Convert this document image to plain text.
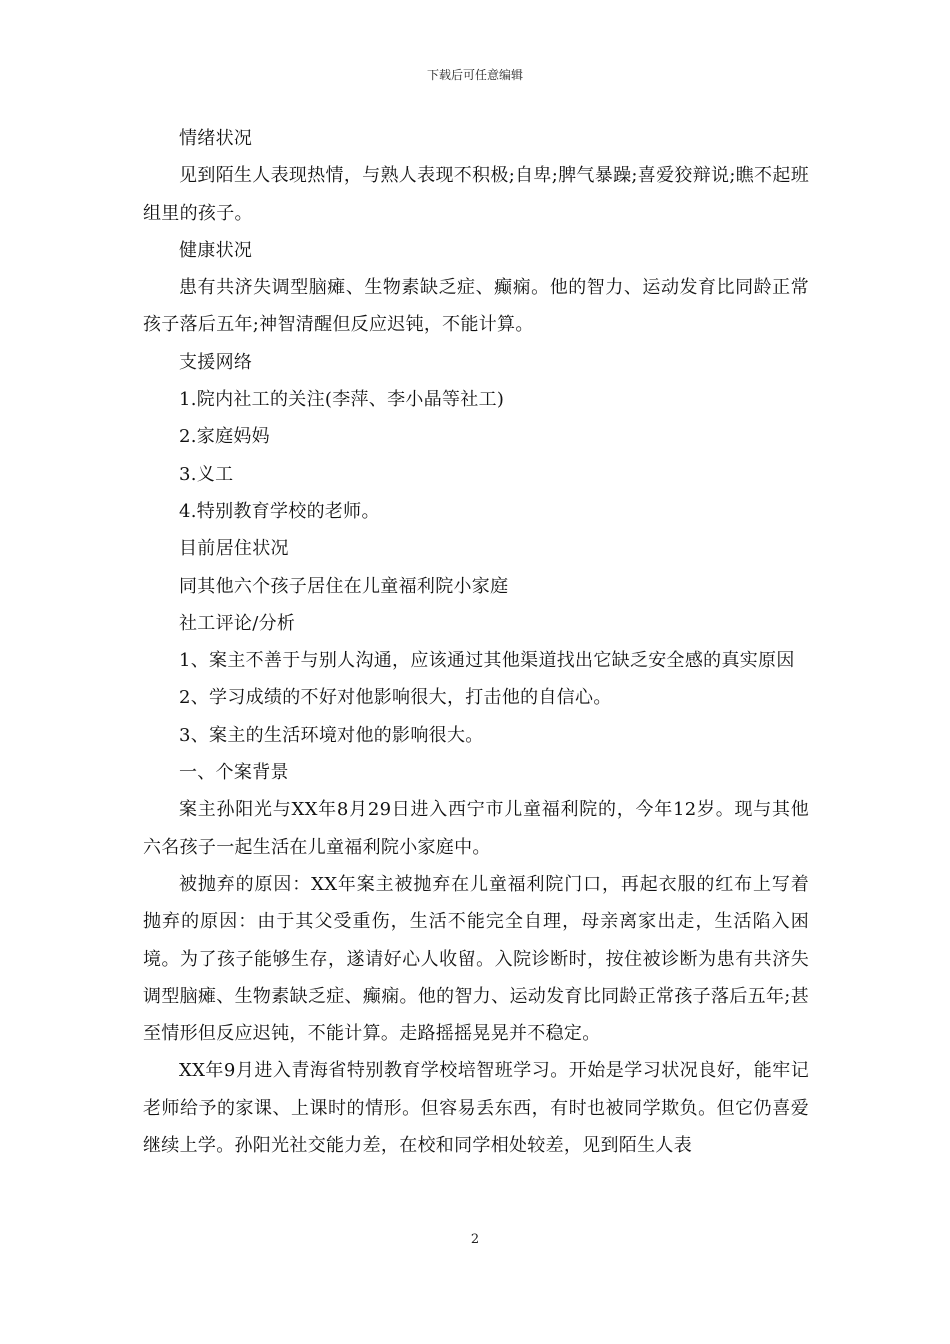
下载后可任意编辑

情绪状况

见到陌生人表现热情，与熟人表现不积极;自卑;脾气暴躁;喜爱狡辩说;瞧不起班组里的孩子。

健康状况

患有共济失调型脑瘫、生物素缺乏症、癫痫。他的智力、运动发育比同龄正常孩子落后五年;神智清醒但反应迟钝，不能计算。

支援网络

1.院内社工的关注(李萍、李小晶等社工)

2.家庭妈妈

3.义工

4.特别教育学校的老师。

目前居住状况

同其他六个孩子居住在儿童福利院小家庭

社工评论/分析

1、案主不善于与别人沟通，应该通过其他渠道找出它缺乏安全感的真实原因

2、学习成绩的不好对他影响很大，打击他的自信心。

3、案主的生活环境对他的影响很大。

一、个案背景

案主孙阳光与XX年8月29日进入西宁市儿童福利院的，今年12岁。现与其他六名孩子一起生活在儿童福利院小家庭中。

被抛弃的原因：XX年案主被抛弃在儿童福利院门口，再起衣服的红布上写着抛弃的原因：由于其父受重伤，生活不能完全自理，母亲离家出走，生活陷入困境。为了孩子能够生存，遂请好心人收留。入院诊断时，按住被诊断为患有共济失调型脑瘫、生物素缺乏症、癫痫。他的智力、运动发育比同龄正常孩子落后五年;甚至情形但反应迟钝，不能计算。走路摇摇晃晃并不稳定。

XX年9月进入青海省特别教育学校培智班学习。开始是学习状况良好，能牢记老师给予的家课、上课时的情形。但容易丢东西，有时也被同学欺负。但它仍喜爱继续上学。孙阳光社交能力差，在校和同学相处较差，见到陌生人表

2
